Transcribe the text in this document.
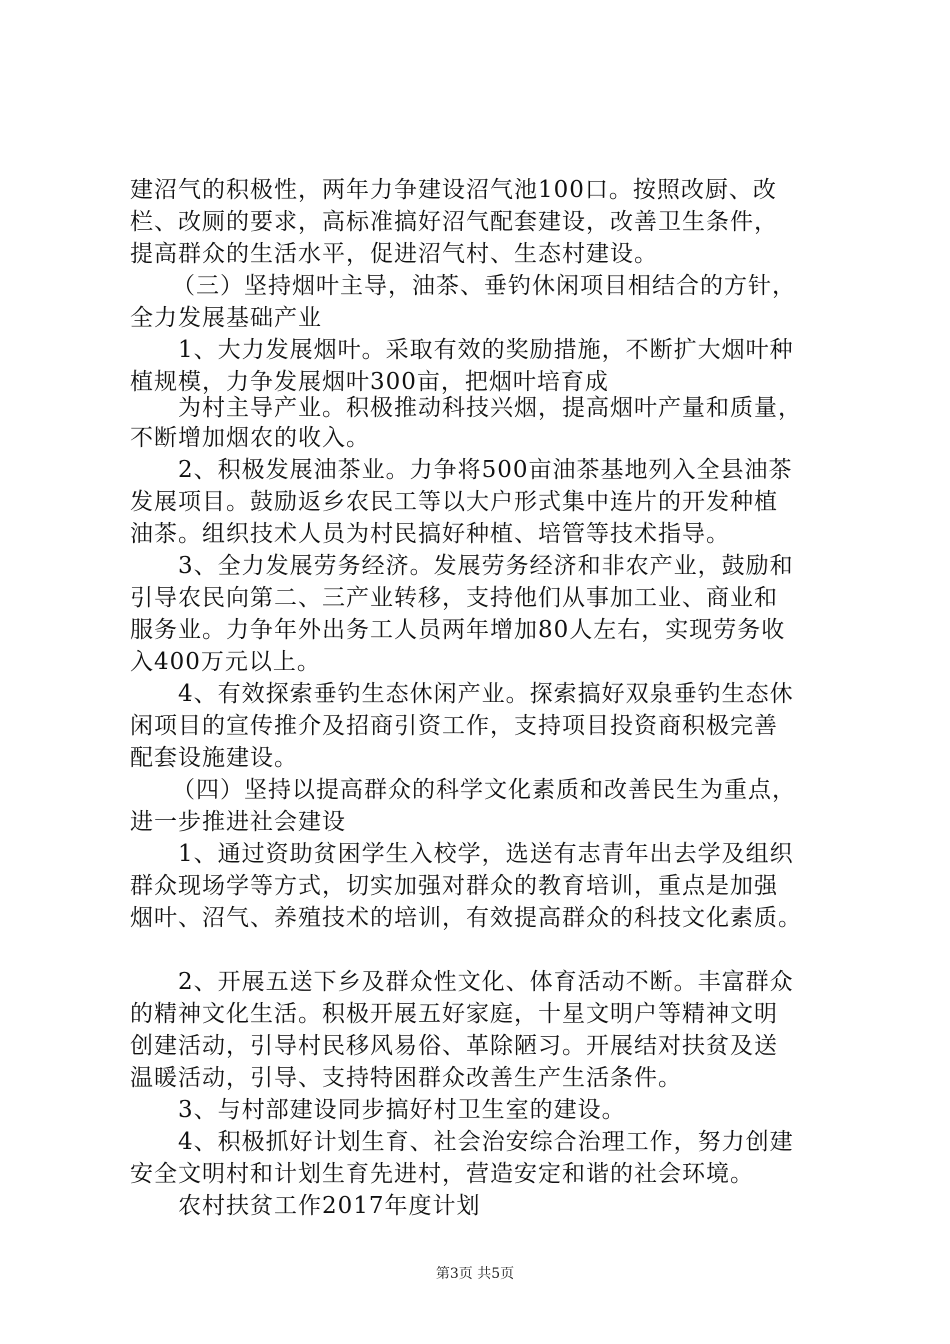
建沼气的积极性，两年力争建设沼气池100口。按照改厨、改
栏、改厕的要求，高标准搞好沼气配套建设，改善卫生条件，
提高群众的生活水平，促进沼气村、生态村建设。
（三）坚持烟叶主导，油茶、垂钓休闲项目相结合的方针，
全力发展基础产业
1、大力发展烟叶。采取有效的奖励措施，不断扩大烟叶种
植规模，力争发展烟叶300亩，把烟叶培育成
为村主导产业。积极推动科技兴烟，提高烟叶产量和质量，
不断增加烟农的收入。
2、积极发展油茶业。力争将500亩油茶基地列入全县油茶
发展项目。鼓励返乡农民工等以大户形式集中连片的开发种植
油茶。组织技术人员为村民搞好种植、培管等技术指导。
3、全力发展劳务经济。发展劳务经济和非农产业，鼓励和
引导农民向第二、三产业转移，支持他们从事加工业、商业和
服务业。力争年外出务工人员两年增加80人左右，实现劳务收
入400万元以上。
4、有效探索垂钓生态休闲产业。探索搞好双泉垂钓生态休
闲项目的宣传推介及招商引资工作，支持项目投资商积极完善
配套设施建设。
（四）坚持以提高群众的科学文化素质和改善民生为重点，
进一步推进社会建设
1、通过资助贫困学生入校学，选送有志青年出去学及组织
群众现场学等方式，切实加强对群众的教育培训，重点是加强
烟叶、沼气、养殖技术的培训，有效提高群众的科技文化素质。
2、开展五送下乡及群众性文化、体育活动不断。丰富群众
的精神文化生活。积极开展五好家庭，十星文明户等精神文明
创建活动，引导村民移风易俗、革除陋习。开展结对扶贫及送
温暖活动，引导、支持特困群众改善生产生活条件。
3、与村部建设同步搞好村卫生室的建设。
4、积极抓好计划生育、社会治安综合治理工作，努力创建
安全文明村和计划生育先进村，营造安定和谐的社会环境。
农村扶贫工作2017年度计划
第3页 共5页
